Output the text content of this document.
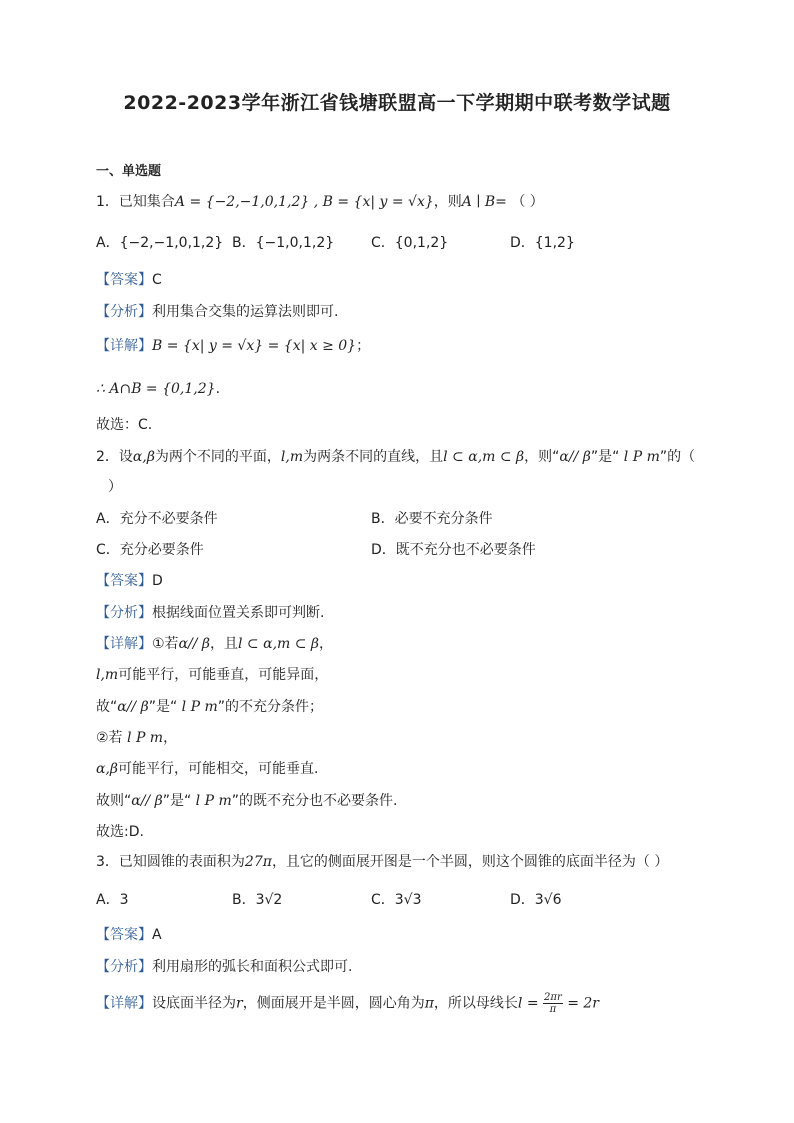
2022-2023学年浙江省钱塘联盟高一下学期期中联考数学试题
一、单选题
1．已知集合A = {−2,−1,0,1,2} , B = {x| y = √x}，则A ∣ B= （ ）
A．{−2,−1,0,1,2} B．{−1,0,1,2}	C．{0,1,2}	D．{1,2}
【答案】C
【分析】利用集合交集的运算法则即可.
【详解】B = {x| y = √x} = {x| x ≥ 0}；
∴ A∩B = {0,1,2}.
故选：C.
2．设α,β为两个不同的平面，l,m为两条不同的直线，且l ⊂ α,m ⊂ β，则“α// β”是“ l P m”的（
）
A．充分不必要条件	B．必要不充分条件
C．充分必要条件	D．既不充分也不必要条件
【答案】D
【分析】根据线面位置关系即可判断.
【详解】①若α// β，且l ⊂ α,m ⊂ β，
l,m可能平行，可能垂直，可能异面，
故“α// β”是“ l P m”的不充分条件；
②若 l P m，
α,β可能平行，可能相交，可能垂直.
故则“α// β”是“ l P m”的既不充分也不必要条件.
故选:D.
3．已知圆锥的表面积为27π，且它的侧面展开图是一个半圆，则这个圆锥的底面半径为（ ）
A．3	B．3√2	C．3√3	D．3√6
【答案】A
【分析】利用扇形的弧长和面积公式即可.
【详解】设底面半径为r，侧面展开是半圆，圆心角为π，所以母线长$l = \frac{2\pi r}{\pi} = 2r$
